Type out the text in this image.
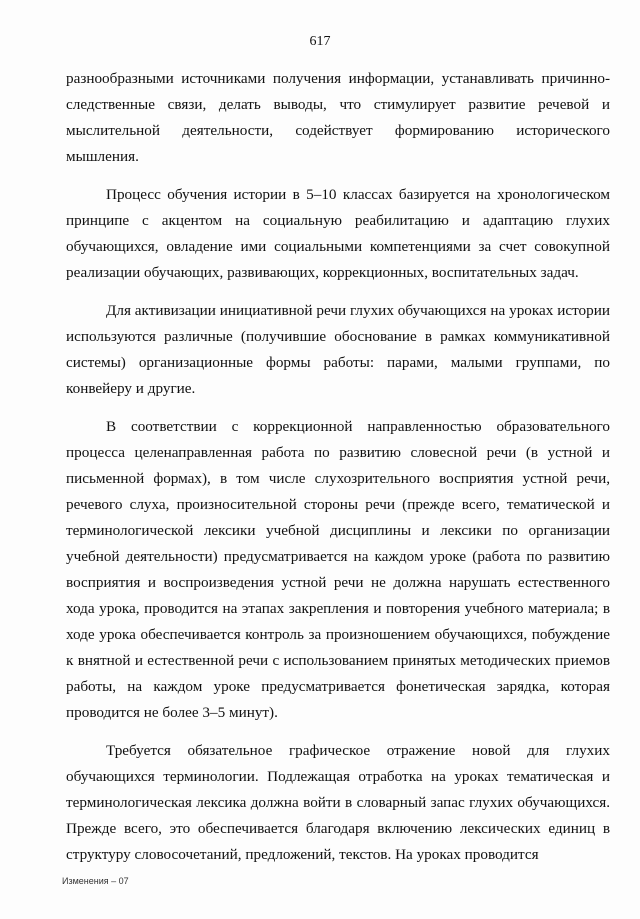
617

разнообразными источниками получения информации, устанавливать причинно-следственные связи, делать выводы, что стимулирует развитие речевой и мыслительной деятельности, содействует формированию исторического мышления.

Процесс обучения истории в 5–10 классах базируется на хронологическом принципе с акцентом на социальную реабилитацию и адаптацию глухих обучающихся, овладение ими социальными компетенциями за счет совокупной реализации обучающих, развивающих, коррекционных, воспитательных задач.

Для активизации инициативной речи глухих обучающихся на уроках истории используются различные (получившие обоснование в рамках коммуникативной системы) организационные формы работы: парами, малыми группами, по конвейеру и другие.

В соответствии с коррекционной направленностью образовательного процесса целенаправленная работа по развитию словесной речи (в устной и письменной формах), в том числе слухозрительного восприятия устной речи, речевого слуха, произносительной стороны речи (прежде всего, тематической и терминологической лексики учебной дисциплины и лексики по организации учебной деятельности) предусматривается на каждом уроке (работа по развитию восприятия и воспроизведения устной речи не должна нарушать естественного хода урока, проводится на этапах закрепления и повторения учебного материала; в ходе урока обеспечивается контроль за произношением обучающихся, побуждение к внятной и естественной речи с использованием принятых методических приемов работы, на каждом уроке предусматривается фонетическая зарядка, которая проводится не более 3–5 минут).

Требуется обязательное графическое отражение новой для глухих обучающихся терминологии. Подлежащая отработка на уроках тематическая и терминологическая лексика должна войти в словарный запас глухих обучающихся. Прежде всего, это обеспечивается благодаря включению лексических единиц в структуру словосочетаний, предложений, текстов. На уроках проводится

Изменения – 07
